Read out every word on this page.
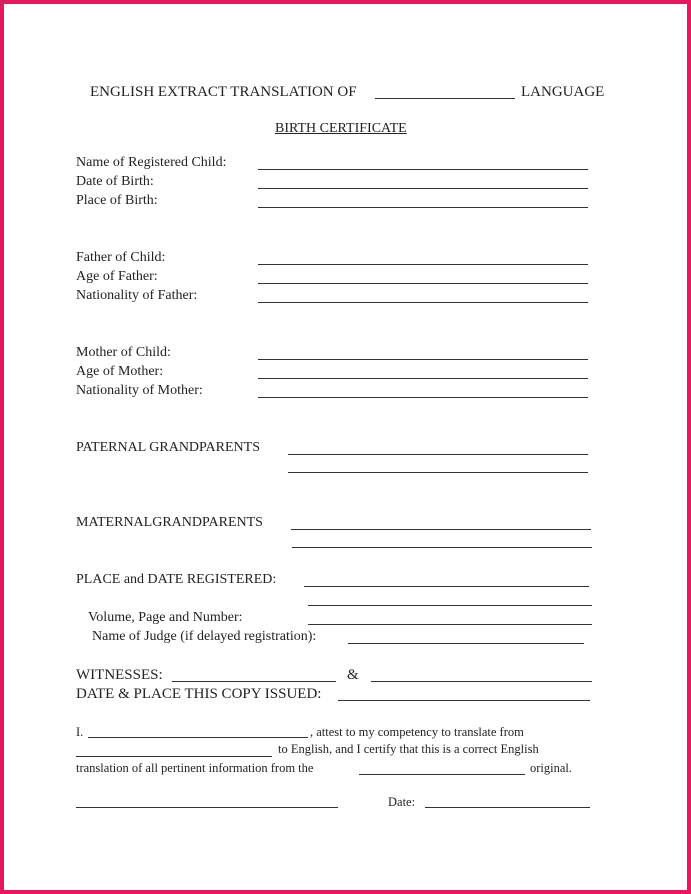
ENGLISH EXTRACT TRANSLATION OF	LANGUAGE
BIRTH CERTIFICATE
Name of Registered Child:
Date of Birth:
Place of Birth:
Father of Child:
Age of Father:
Nationality of Father:
Mother of Child:
Age of Mother:
Nationality of Mother:
PATERNAL GRANDPARENTS
MATERNALGRANDPARENTS
PLACE and DATE REGISTERED:
Volume, Page and Number:
Name of Judge (if delayed registration):
WITNESSES:	&
DATE & PLACE THIS COPY ISSUED:
I.	, attest to my competency to translate from
to English, and I certify that this is a correct English
translation of all pertinent information from the	original.
Date:
